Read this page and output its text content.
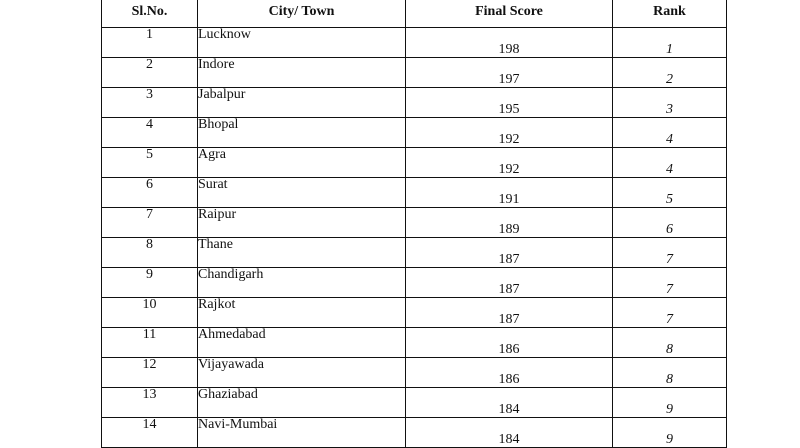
Sl.No.	City/ Town	Final Score	Rank
1	Lucknow	198	1
2	Indore	197	2
3	Jabalpur	195	3
4	Bhopal	192	4
5	Agra	192	4
6	Surat	191	5
7	Raipur	189	6
8	Thane	187	7
9	Chandigarh	187	7
10	Rajkot	187	7
11	Ahmedabad	186	8
12	Vijayawada	186	8
13	Ghaziabad	184	9
14	Navi-Mumbai	184	9
